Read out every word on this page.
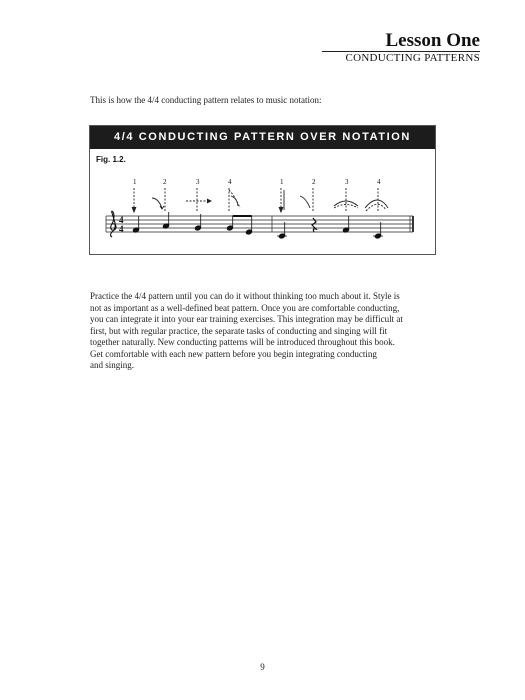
Lesson One
CONDUCTING PATTERNS
This is how the 4/4 conducting pattern relates to music notation:
4/4 CONDUCTING PATTERN OVER NOTATION
Fig. 1.2.
1	2	3	4	1	2	3	4
4
4
Practice the 4/4 pattern until you can do it without thinking too much about it. Style is
not as important as a well-defined beat pattern. Once you are comfortable conducting,
you can integrate it into your ear training exercises. This integration may be difficult at
first, but with regular practice, the separate tasks of conducting and singing will fit
together naturally. New conducting patterns will be introduced throughout this book.
Get comfortable with each new pattern before you begin integrating conducting
and singing.
9
